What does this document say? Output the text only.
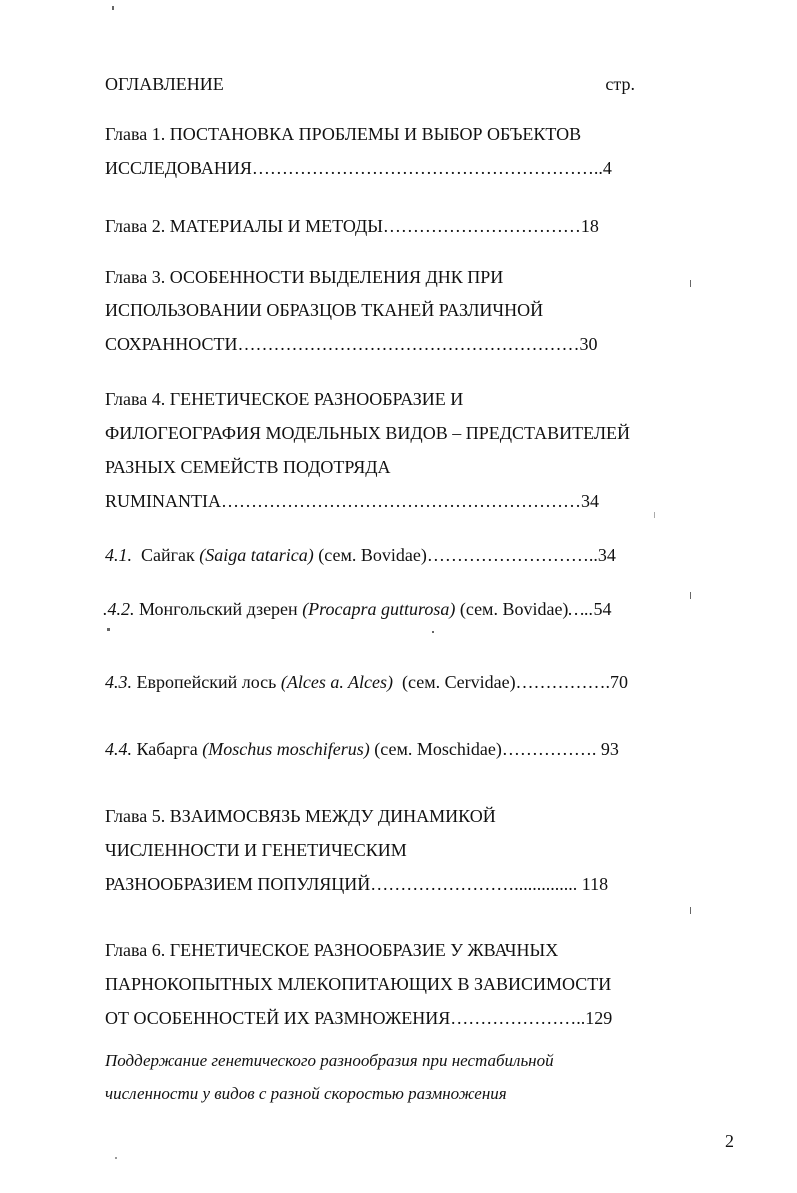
ОГЛАВЛЕНИЕ	стр.
Глава 1. ПОСТАНОВКА ПРОБЛЕМЫ И ВЫБОР ОБЪЕКТОВ
ИССЛЕДОВАНИЯ…………………………………………………..4
Глава 2. МАТЕРИАЛЫ И МЕТОДЫ……………………………18
Глава 3. ОСОБЕННОСТИ ВЫДЕЛЕНИЯ ДНК ПРИ
ИСПОЛЬЗОВАНИИ ОБРАЗЦОВ ТКАНЕЙ РАЗЛИЧНОЙ
СОХРАННОСТИ…………………………………………………30
Глава 4. ГЕНЕТИЧЕСКОЕ РАЗНООБРАЗИЕ И
ФИЛОГЕОГРАФИЯ МОДЕЛЬНЫХ ВИДОВ – ПРЕДСТАВИТЕЛЕЙ
РАЗНЫХ СЕМЕЙСТВ ПОДОТРЯДА
RUMINANTIA……………………………………………………34
4.1.  Сайгак (Saiga tatarica) (сем. Bovidae)………………………..34
.4.2. Монгольский дзерен (Procapra gutturosa) (сем. Bovidae)…..54
4.3. Европейский лось (Alces a. Alces)  (сем. Cervidae)…………….70
4.4. Кабарга (Moschus moschiferus) (сем. Moschidae)……………. 93
Глава 5. ВЗАИМОСВЯЗЬ МЕЖДУ ДИНАМИКОЙ
ЧИСЛЕННОСТИ И ГЕНЕТИЧЕСКИМ
РАЗНООБРАЗИЕМ ПОПУЛЯЦИЙ…………………….............. 118
Глава 6. ГЕНЕТИЧЕСКОЕ РАЗНООБРАЗИЕ У ЖВАЧНЫХ
ПАРНОКОПЫТНЫХ МЛЕКОПИТАЮЩИХ В ЗАВИСИМОСТИ
ОТ ОСОБЕННОСТЕЙ ИХ РАЗМНОЖЕНИЯ…………………..129
Поддержание генетического разнообразия при нестабильной
численности у видов с разной скоростью размножения
2
